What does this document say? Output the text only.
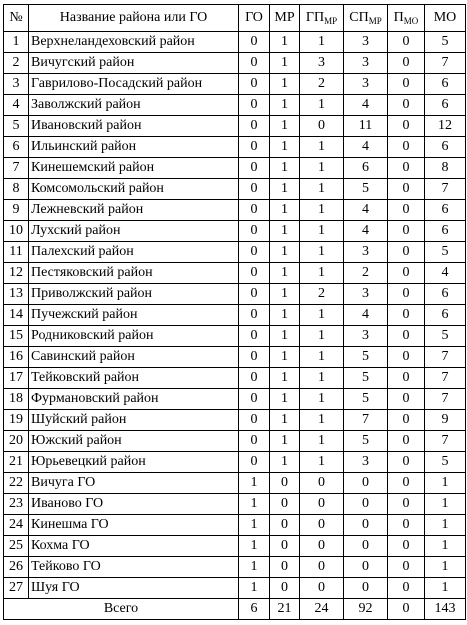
№	Название района или ГО	ГО	МР	$ГП_{МР}$	$СП_{МР}$	$П_{МО}$	МО
1	Верхнеландеховский район	0	1	1	3	0	5
2	Вичугский район	0	1	3	3	0	7
3	Гаврилово-Посадский район	0	1	2	3	0	6
4	Заволжский район	0	1	1	4	0	6
5	Ивановский район	0	1	0	11	0	12
6	Ильинский район	0	1	1	4	0	6
7	Кинешемский район	0	1	1	6	0	8
8	Комсомольский район	0	1	1	5	0	7
9	Лежневский район	0	1	1	4	0	6
10	Лухский район	0	1	1	4	0	6
11	Палехский район	0	1	1	3	0	5
12	Пестяковский район	0	1	1	2	0	4
13	Приволжский район	0	1	2	3	0	6
14	Пучежский район	0	1	1	4	0	6
15	Родниковский район	0	1	1	3	0	5
16	Савинский район	0	1	1	5	0	7
17	Тейковский район	0	1	1	5	0	7
18	Фурмановский район	0	1	1	5	0	7
19	Шуйский район	0	1	1	7	0	9
20	Южский район	0	1	1	5	0	7
21	Юрьевецкий район	0	1	1	3	0	5
22	Вичуга ГО	1	0	0	0	0	1
23	Иваново ГО	1	0	0	0	0	1
24	Кинешма ГО	1	0	0	0	0	1
25	Кохма ГО	1	0	0	0	0	1
26	Тейково ГО	1	0	0	0	0	1
27	Шуя ГО	1	0	0	0	0	1
Всего		6	21	24	92	0	143
